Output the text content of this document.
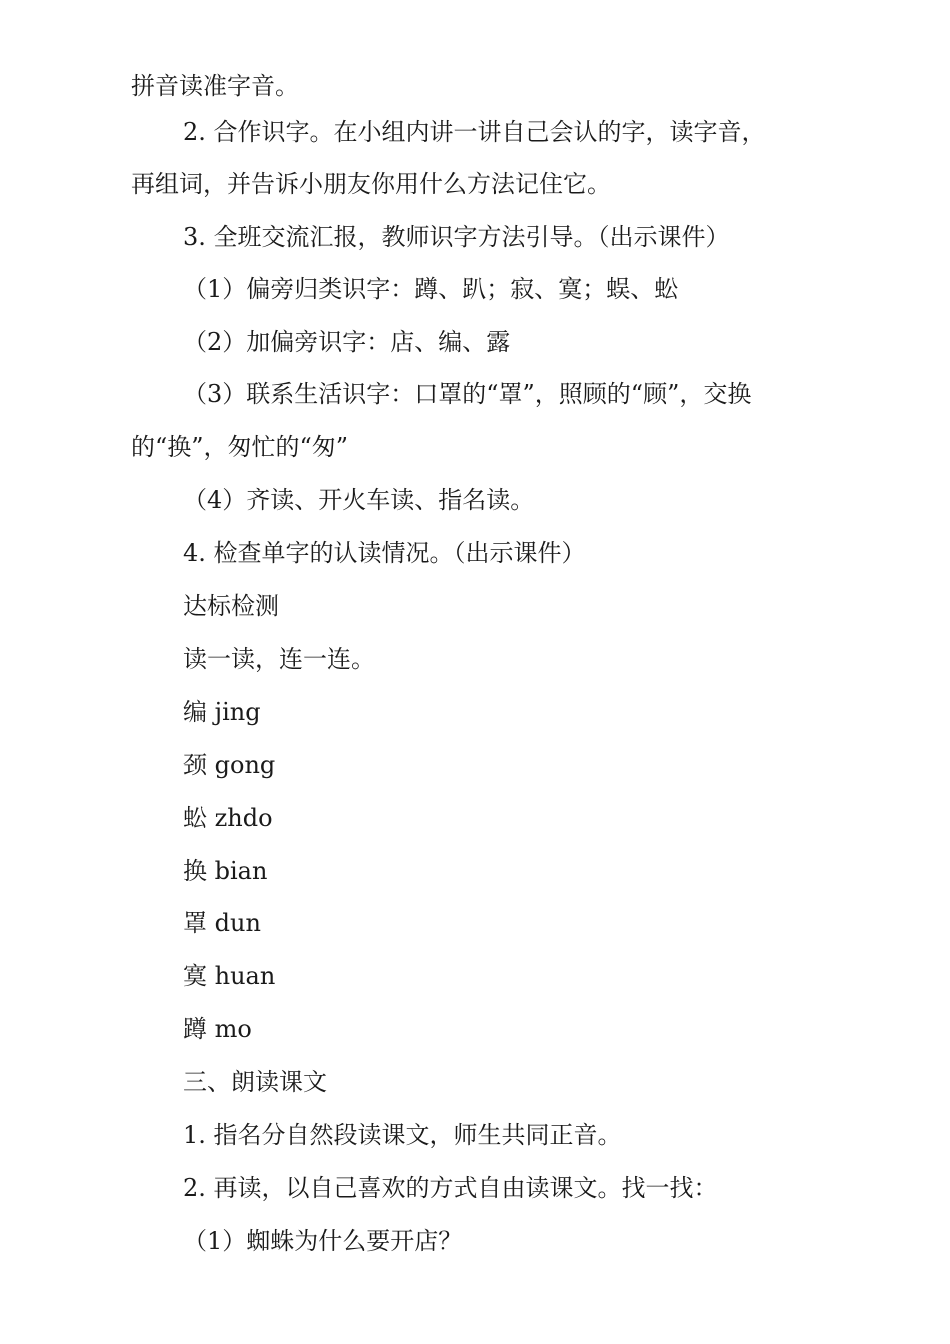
拼音读准字音。
2. 合作识字。在小组内讲一讲自己会认的字，读字音，
再组词，并告诉小朋友你用什么方法记住它。
3. 全班交流汇报，教师识字方法引导。（出示课件）
（1）偏旁归类识字：蹲、趴；寂、寞；蜈、蚣
（2）加偏旁识字：店、编、露
（3）联系生活识字：口罩的“罩”，照顾的“顾”，交换
的“换”，匆忙的“匆”
（4）齐读、开火车读、指名读。
4. 检查单字的认读情况。（出示课件）
达标检测
读一读，连一连。
编 jing
颈 gong
蚣 zhdo
换 bian
罩 dun
寞 huan
蹲 mo
三、朗读课文
1. 指名分自然段读课文，师生共同正音。
2. 再读，以自己喜欢的方式自由读课文。找一找：
（1）蜘蛛为什么要开店？
